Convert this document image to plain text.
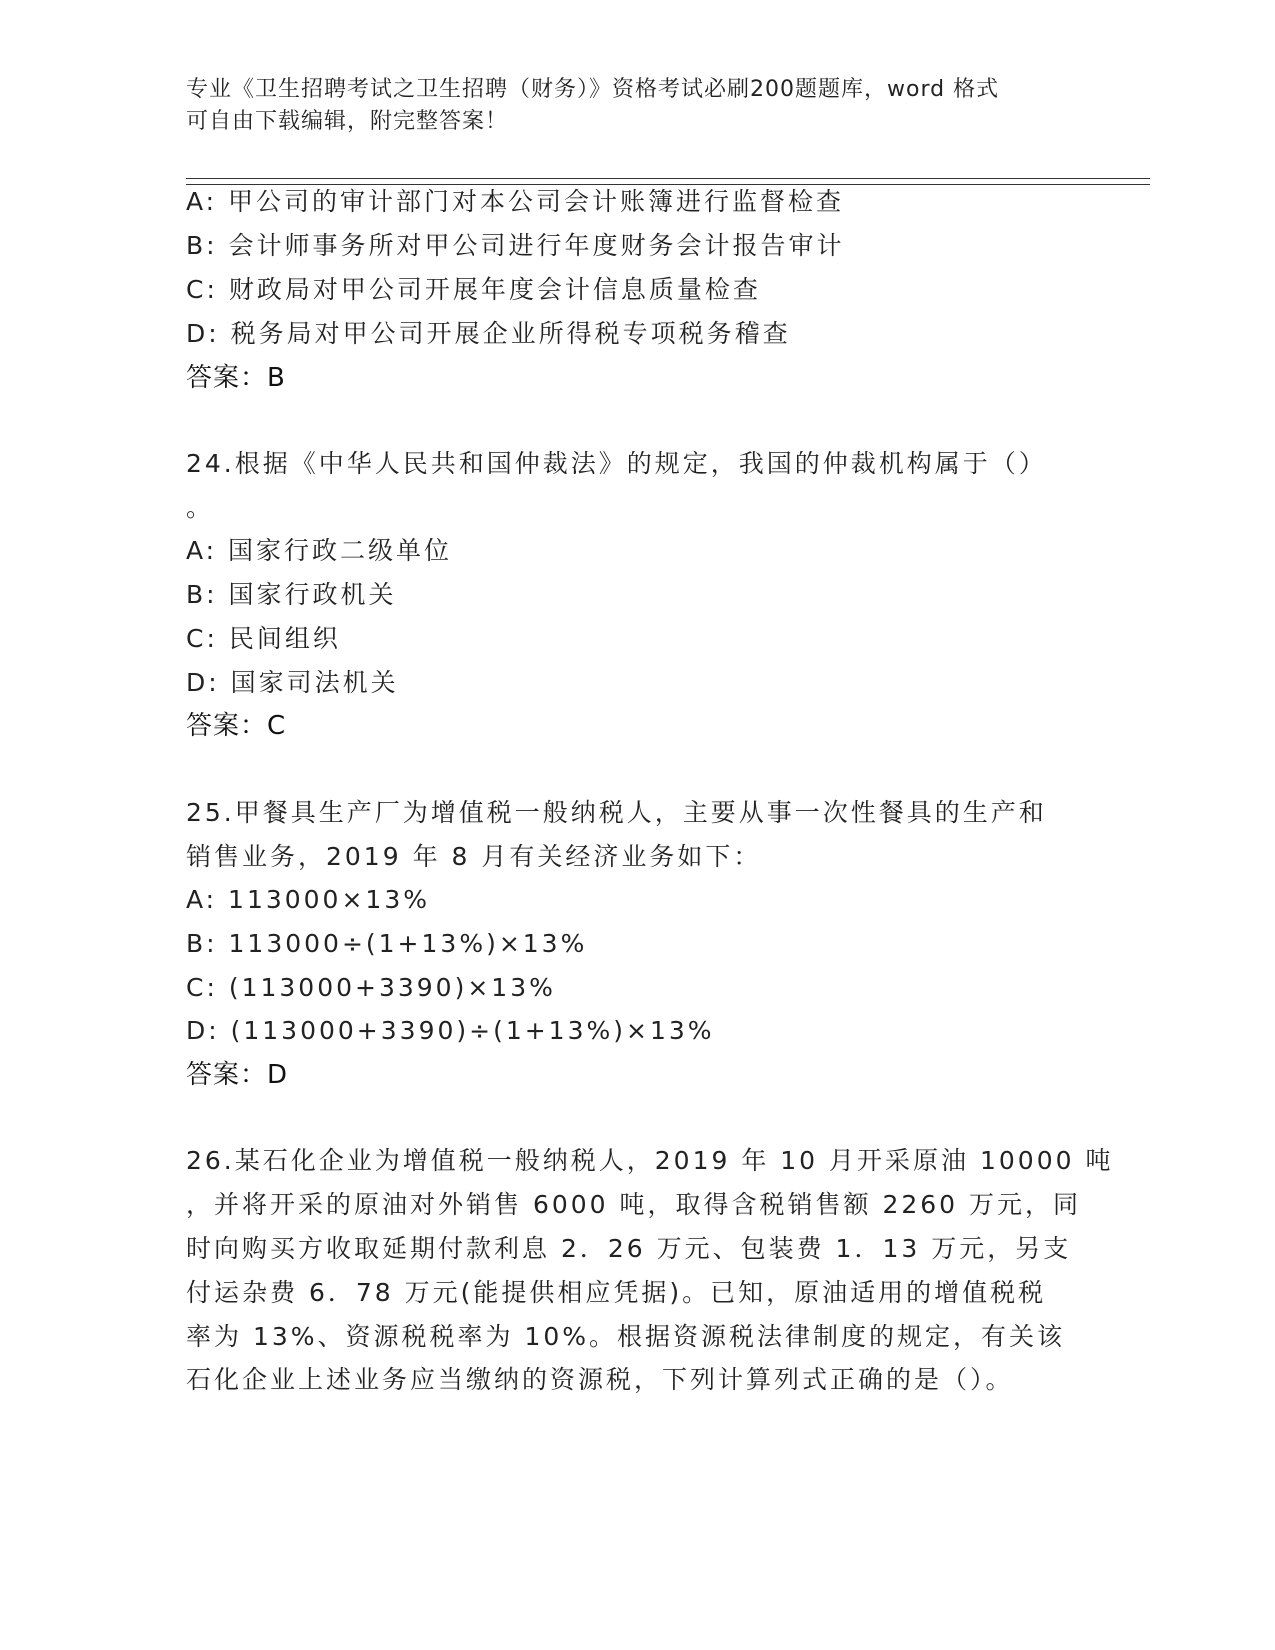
专业《卫生招聘考试之卫生招聘（财务）》资格考试必刷200题题库，word 格式
可自由下载编辑，附完整答案！
A: 甲公司的审计部门对本公司会计账簿进行监督检查
B: 会计师事务所对甲公司进行年度财务会计报告审计
C: 财政局对甲公司开展年度会计信息质量检查
D: 税务局对甲公司开展企业所得税专项税务稽查
答案：B
24.根据《中华人民共和国仲裁法》的规定，我国的仲裁机构属于（）
。
A: 国家行政二级单位
B: 国家行政机关
C: 民间组织
D: 国家司法机关
答案：C
25.甲餐具生产厂为增值税一般纳税人，主要从事一次性餐具的生产和
销售业务，2019 年 8 月有关经济业务如下：
A: 113000×13%
B: 113000÷(1+13%)×13%
C: (113000+3390)×13%
D: (113000+3390)÷(1+13%)×13%
答案：D
26.某石化企业为增值税一般纳税人，2019 年 10 月开采原油 10000 吨
，并将开采的原油对外销售 6000 吨，取得含税销售额 2260 万元，同
时向购买方收取延期付款利息 2．26 万元、包装费 1．13 万元，另支
付运杂费 6．78 万元(能提供相应凭据)。已知，原油适用的增值税税
率为 13%、资源税税率为 10%。根据资源税法律制度的规定，有关该
石化企业上述业务应当缴纳的资源税，下列计算列式正确的是（）。
